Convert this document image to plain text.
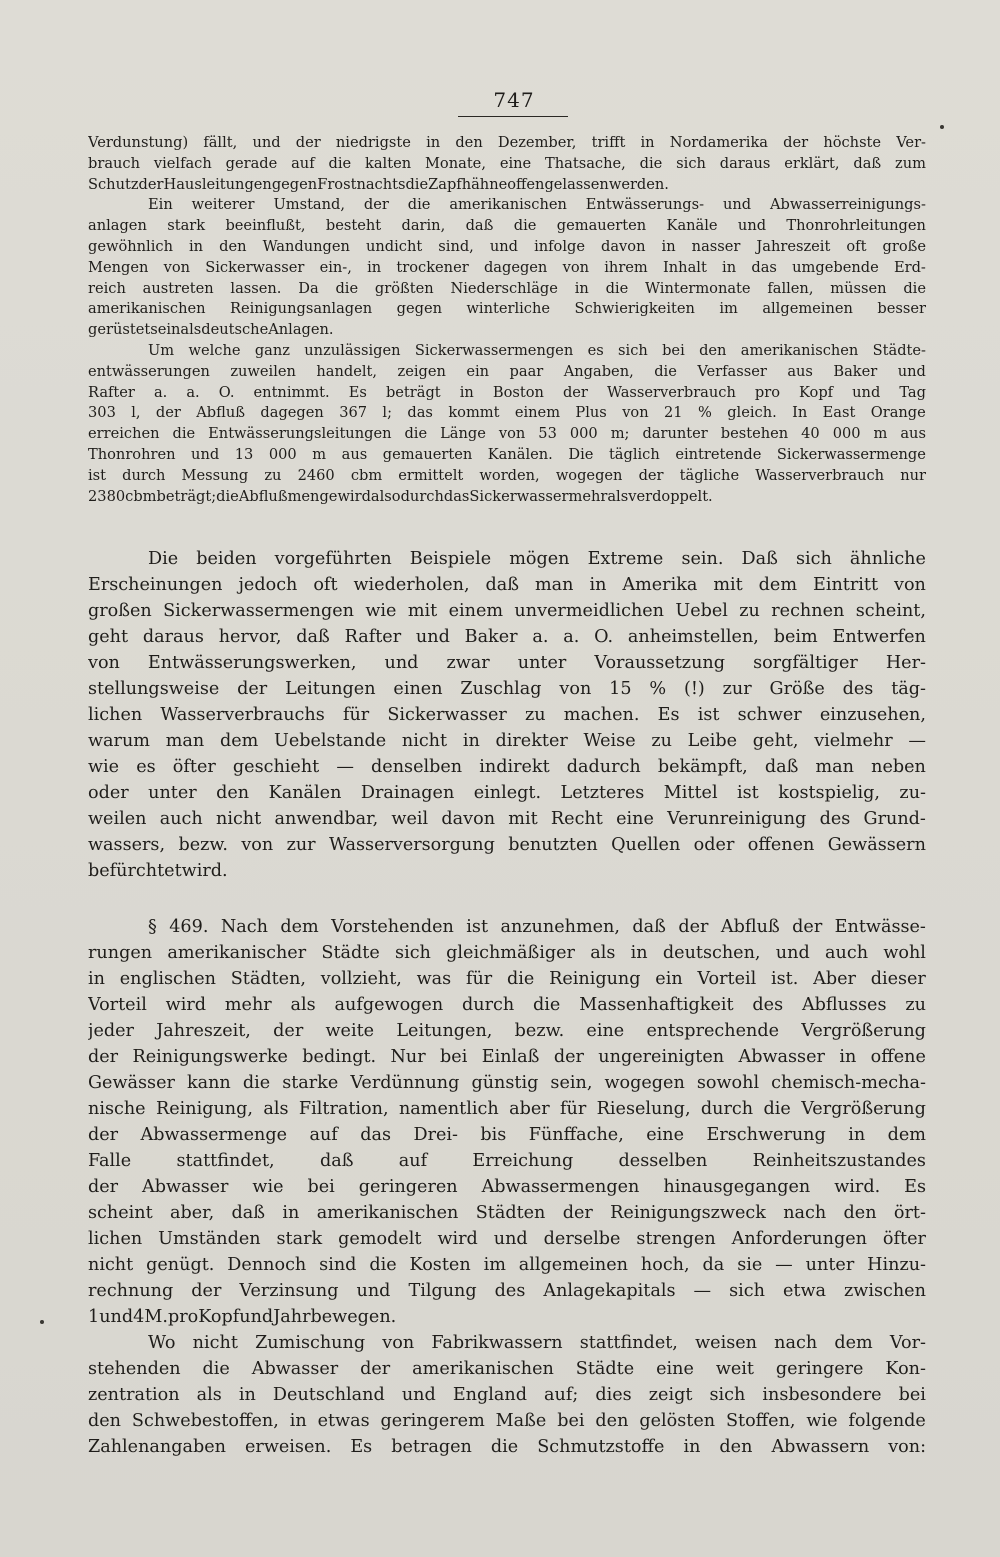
747
Verdunstung) fällt, und der niedrigste in den Dezember, trifft in Nordamerika der höchste Ver-
brauch vielfach gerade auf die kalten Monate, eine Thatsache, die sich daraus erklärt, daß zum
Schutz der Hausleitungen gegen Frost nachts die Zapfhähne offen gelassen werden.
Ein weiterer Umstand, der die amerikanischen Entwässerungs- und Abwasserreinigungs-
anlagen stark beeinflußt, besteht darin, daß die gemauerten Kanäle und Thonrohrleitungen
gewöhnlich in den Wandungen undicht sind, und infolge davon in nasser Jahreszeit oft große
Mengen von Sickerwasser ein-, in trockener dagegen von ihrem Inhalt in das umgebende Erd-
reich austreten lassen. Da die größten Niederschläge in die Wintermonate fallen, müssen die
amerikanischen Reinigungsanlagen gegen winterliche Schwierigkeiten im allgemeinen besser
gerüstet sein als deutsche Anlagen.
Um welche ganz unzulässigen Sickerwassermengen es sich bei den amerikanischen Städte-
entwässerungen zuweilen handelt, zeigen ein paar Angaben, die Verfasser aus Baker und
Rafter a. a. O. entnimmt. Es beträgt in Boston der Wasserverbrauch pro Kopf und Tag
303 l, der Abfluß dagegen 367 l; das kommt einem Plus von 21 % gleich. In East Orange
erreichen die Entwässerungsleitungen die Länge von 53 000 m; darunter bestehen 40 000 m aus
Thonrohren und 13 000 m aus gemauerten Kanälen. Die täglich eintretende Sickerwassermenge
ist durch Messung zu 2460 cbm ermittelt worden, wogegen der tägliche Wasserverbrauch nur
2380 cbm beträgt; die Abflußmenge wird also durch das Sickerwasser mehr als verdoppelt.
Die beiden vorgeführten Beispiele mögen Extreme sein. Daß sich ähnliche
Erscheinungen jedoch oft wiederholen, daß man in Amerika mit dem Eintritt von
großen Sickerwassermengen wie mit einem unvermeidlichen Uebel zu rechnen scheint,
geht daraus hervor, daß Rafter und Baker a. a. O. anheimstellen, beim Entwerfen
von Entwässerungswerken, und zwar unter Voraussetzung sorgfältiger Her-
stellungsweise der Leitungen einen Zuschlag von 15 % (!) zur Größe des täg-
lichen Wasserverbrauchs für Sickerwasser zu machen. Es ist schwer einzusehen,
warum man dem Uebelstande nicht in direkter Weise zu Leibe geht, vielmehr —
wie es öfter geschieht — denselben indirekt dadurch bekämpft, daß man neben
oder unter den Kanälen Drainagen einlegt. Letzteres Mittel ist kostspielig, zu-
weilen auch nicht anwendbar, weil davon mit Recht eine Verunreinigung des Grund-
wassers, bezw. von zur Wasserversorgung benutzten Quellen oder offenen Gewässern
befürchtet wird.
§ 469. Nach dem Vorstehenden ist anzunehmen, daß der Abfluß der Entwässe-
rungen amerikanischer Städte sich gleichmäßiger als in deutschen, und auch wohl
in englischen Städten, vollzieht, was für die Reinigung ein Vorteil ist. Aber dieser
Vorteil wird mehr als aufgewogen durch die Massenhaftigkeit des Abflusses zu
jeder Jahreszeit, der weite Leitungen, bezw. eine entsprechende Vergrößerung
der Reinigungswerke bedingt. Nur bei Einlaß der ungereinigten Abwasser in offene
Gewässer kann die starke Verdünnung günstig sein, wogegen sowohl chemisch-mecha-
nische Reinigung, als Filtration, namentlich aber für Rieselung, durch die Vergrößerung
der Abwassermenge auf das Drei- bis Fünffache, eine Erschwerung in dem
Falle	stattfindet,	daß	auf	Erreichung	desselben	Reinheitszustandes
der Abwasser wie bei geringeren Abwassermengen hinausgegangen wird. Es
scheint aber, daß in amerikanischen Städten der Reinigungszweck nach den ört-
lichen Umständen stark gemodelt wird und derselbe strengen Anforderungen öfter
nicht genügt. Dennoch sind die Kosten im allgemeinen hoch, da sie — unter Hinzu-
rechnung der Verzinsung und Tilgung des Anlagekapitals — sich etwa zwischen
1 und 4 M. pro Kopf und Jahr bewegen.
Wo nicht Zumischung von Fabrikwassern stattfindet, weisen nach dem Vor-
stehenden die Abwasser der amerikanischen Städte eine weit geringere Kon-
zentration als in Deutschland und England auf; dies zeigt sich insbesondere bei
den Schwebestoffen, in etwas geringerem Maße bei den gelösten Stoffen, wie folgende
Zahlenangaben erweisen. Es betragen die Schmutzstoffe in den Abwassern von:
